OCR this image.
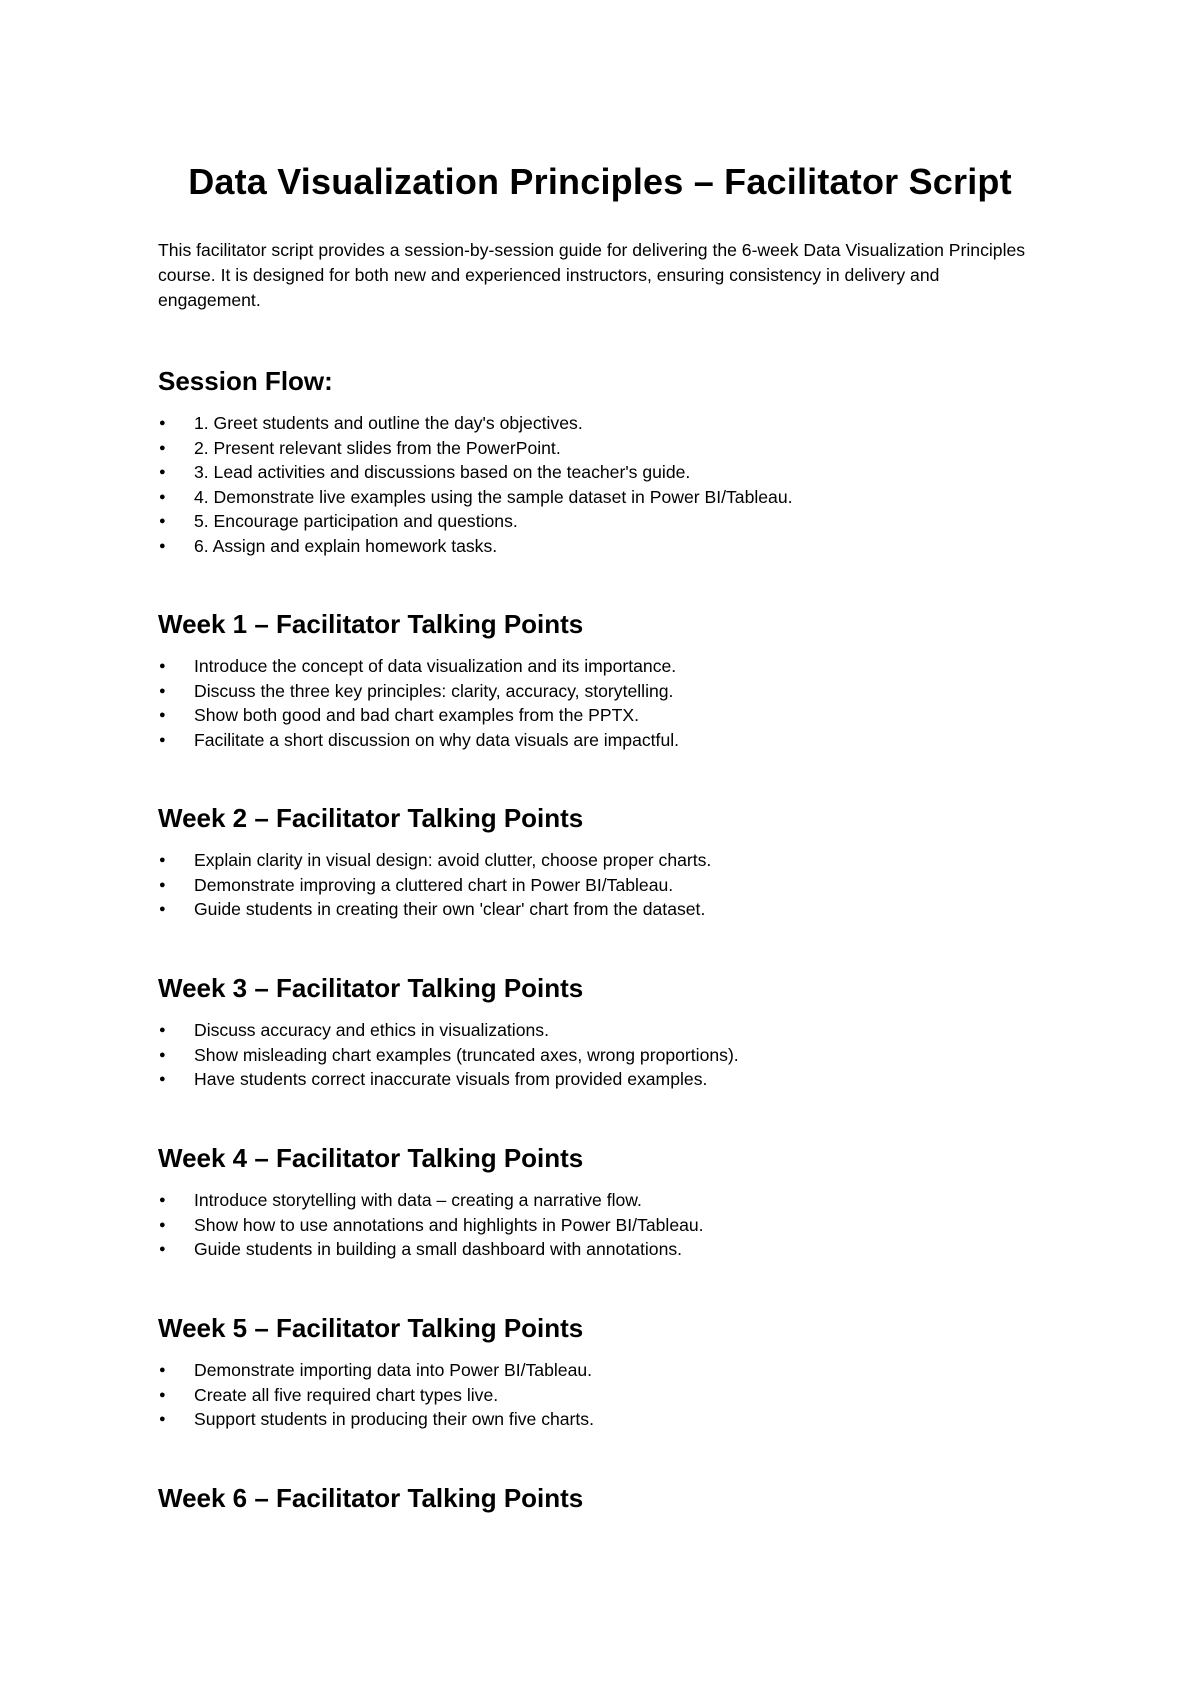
Data Visualization Principles – Facilitator Script

This facilitator script provides a session-by-session guide for delivering the 6-week Data Visualization Principles course. It is designed for both new and experienced instructors, ensuring consistency in delivery and engagement.

Session Flow:
● 1. Greet students and outline the day's objectives.
● 2. Present relevant slides from the PowerPoint.
● 3. Lead activities and discussions based on the teacher's guide.
● 4. Demonstrate live examples using the sample dataset in Power BI/Tableau.
● 5. Encourage participation and questions.
● 6. Assign and explain homework tasks.
Week 1 – Facilitator Talking Points
● Introduce the concept of data visualization and its importance.
● Discuss the three key principles: clarity, accuracy, storytelling.
● Show both good and bad chart examples from the PPTX.
● Facilitate a short discussion on why data visuals are impactful.
Week 2 – Facilitator Talking Points
● Explain clarity in visual design: avoid clutter, choose proper charts.
● Demonstrate improving a cluttered chart in Power BI/Tableau.
● Guide students in creating their own 'clear' chart from the dataset.
Week 3 – Facilitator Talking Points
● Discuss accuracy and ethics in visualizations.
● Show misleading chart examples (truncated axes, wrong proportions).
● Have students correct inaccurate visuals from provided examples.
Week 4 – Facilitator Talking Points
● Introduce storytelling with data – creating a narrative flow.
● Show how to use annotations and highlights in Power BI/Tableau.
● Guide students in building a small dashboard with annotations.
Week 5 – Facilitator Talking Points
● Demonstrate importing data into Power BI/Tableau.
● Create all five required chart types live.
● Support students in producing their own five charts.
Week 6 – Facilitator Talking Points
